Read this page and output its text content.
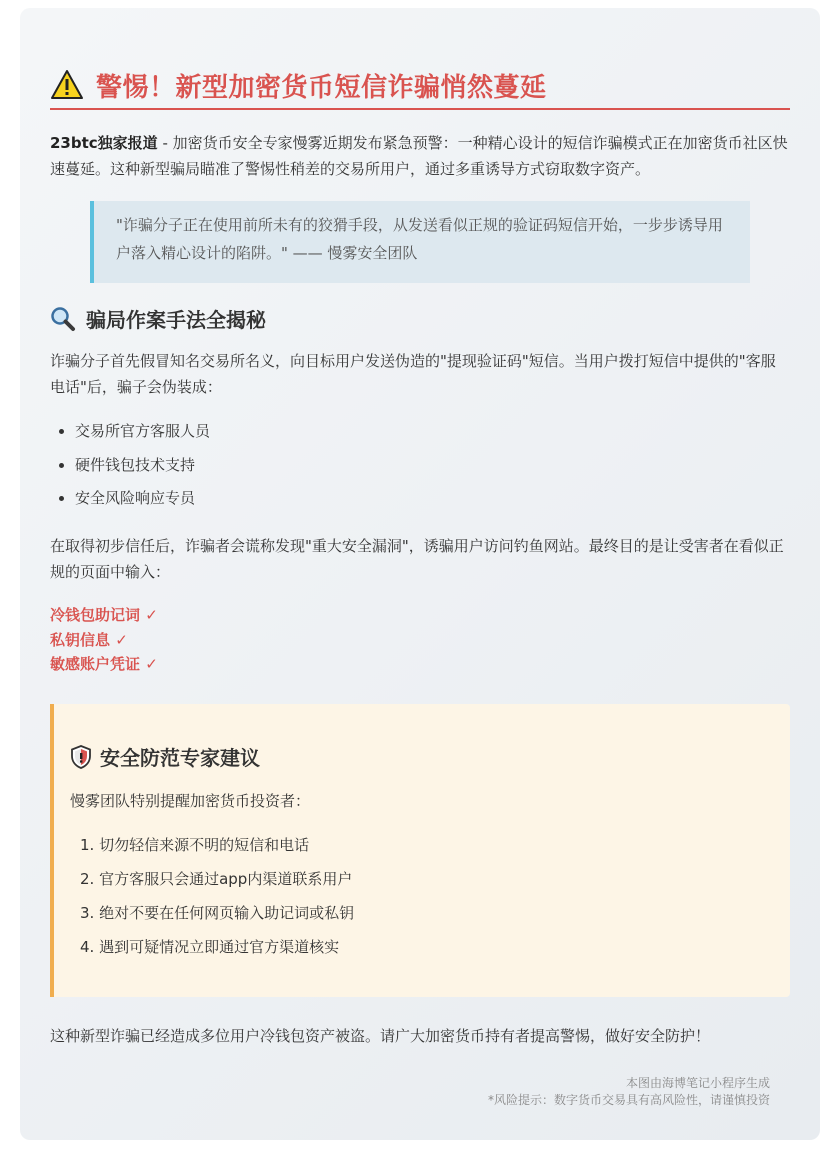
警惕！新型加密货币短信诈骗悄然蔓延

23btc独家报道 - 加密货币安全专家慢雾近期发布紧急预警：一种精心设计的短信诈骗模式正在加密货币社区快速蔓延。这种新型骗局瞄准了警惕性稍差的交易所用户，通过多重诱导方式窃取数字资产。

"诈骗分子正在使用前所未有的狡猾手段，从发送看似正规的验证码短信开始，一步步诱导用户落入精心设计的陷阱。" —— 慢雾安全团队
骗局作案手法全揭秘

诈骗分子首先假冒知名交易所名义，向目标用户发送伪造的"提现验证码"短信。当用户拨打短信中提供的"客服电话"后，骗子会伪装成：

交易所官方客服人员
硬件钱包技术支持
安全风险响应专员

在取得初步信任后，诈骗者会谎称发现"重大安全漏洞"，诱骗用户访问钓鱼网站。最终目的是让受害者在看似正规的页面中输入：

冷钱包助记词 ✓
私钥信息 ✓
敏感账户凭证 ✓
安全防范专家建议

慢雾团队特别提醒加密货币投资者：

1. 切勿轻信来源不明的短信和电话
2. 官方客服只会通过app内渠道联系用户
3. 绝对不要在任何网页输入助记词或私钥
4. 遇到可疑情况立即通过官方渠道核实

这种新型诈骗已经造成多位用户冷钱包资产被盗。请广大加密货币持有者提高警惕，做好安全防护！

本图由海博笔记小程序生成
*风险提示：数字货币交易具有高风险性，请谨慎投资
